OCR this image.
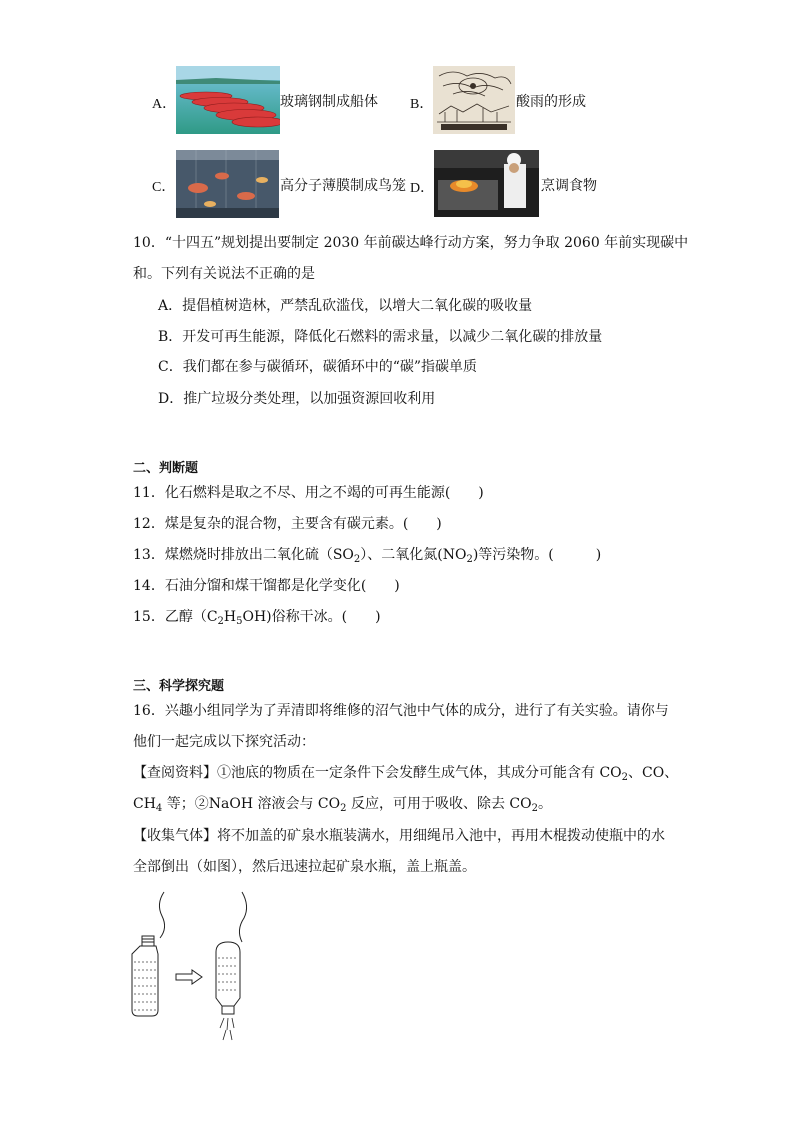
A．	玻璃钢制成船体 B．	酸雨的形成
C．	高分子薄膜制成鸟笼 D．	烹调食物
10．“十四五”规划提出要制定 2030 年前碳达峰行动方案，努力争取 2060 年前实现碳中
和。下列有关说法不正确的是
A．提倡植树造林，严禁乱砍滥伐，以增大二氧化碳的吸收量
B．开发可再生能源，降低化石燃料的需求量，以减少二氧化碳的排放量
C．我们都在参与碳循环，碳循环中的“碳”指碳单质
D．推广垃圾分类处理，以加强资源回收利用
二、判断题
11．化石燃料是取之不尽、用之不竭的可再生能源(　　)
12．煤是复杂的混合物，主要含有碳元素。(　　)
13．煤燃烧时排放出二氧化硫$(SO_2)$、二氧化氮$(NO_2)$等污染物。(　　　)
14．石油分馏和煤干馏都是化学变化(　　)
15．乙醇$(C_2H_5OH)$俗称干冰。(　　)
三、科学探究题
16．兴趣小组同学为了弄清即将维修的沼气池中气体的成分，进行了有关实验。请你与
他们一起完成以下探究活动：
【查阅资料】①池底的物质在一定条件下会发酵生成气体，其成分可能含有 $CO_2$、CO、
$CH_4$ 等；②NaOH 溶液会与 $CO_2$ 反应，可用于吸收、除去 $CO_2$。
【收集气体】将不加盖的矿泉水瓶装满水，用细绳吊入池中，再用木棍拨动使瓶中的水
全部倒出（如图），然后迅速拉起矿泉水瓶，盖上瓶盖。
